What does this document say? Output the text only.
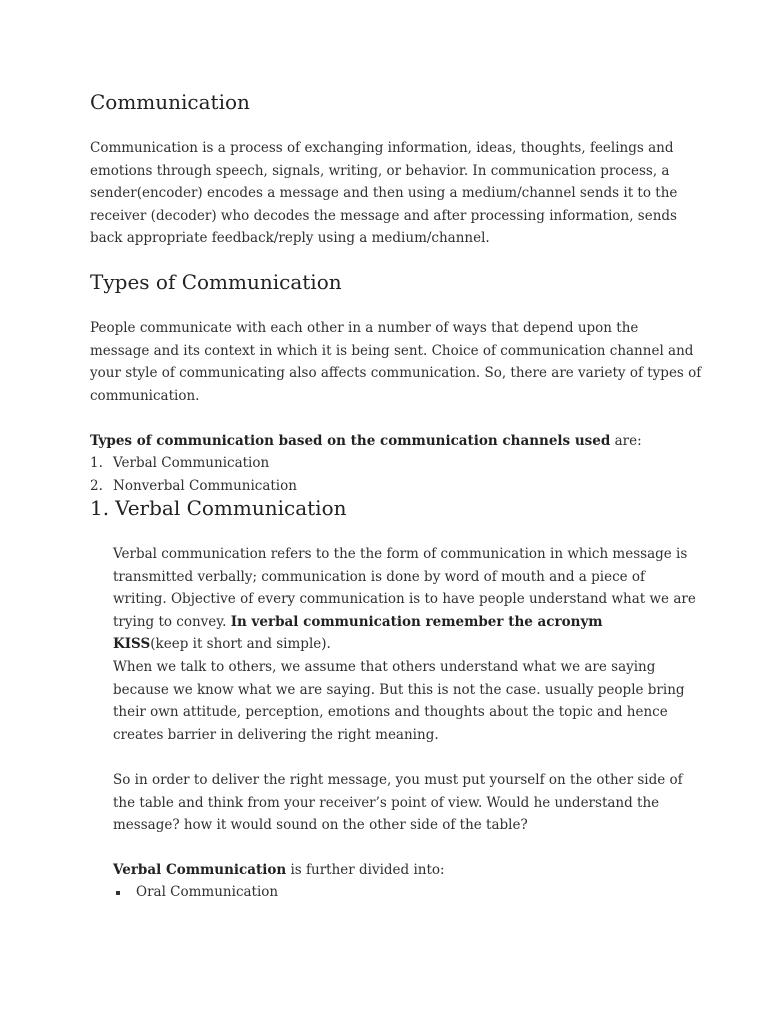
Communication

Communication is a process of exchanging information, ideas, thoughts, feelings and
emotions through speech, signals, writing, or behavior. In communication process, a
sender(encoder) encodes a message and then using a medium/channel sends it to the
receiver (decoder) who decodes the message and after processing information, sends
back appropriate feedback/reply using a medium/channel.

Types of Communication

People communicate with each other in a number of ways that depend upon the
message and its context in which it is being sent. Choice of communication channel and
your style of communicating also affects communication. So, there are variety of types of
communication.

Types of communication based on the communication channels used are:

1. Verbal Communication
2. Nonverbal Communication
1. Verbal Communication

Verbal communication refers to the the form of communication in which message is
transmitted verbally; communication is done by word of mouth and a piece of
writing. Objective of every communication is to have people understand what we are
trying to convey. In verbal communication remember the acronym
KISS(keep it short and simple).
When we talk to others, we assume that others understand what we are saying
because we know what we are saying. But this is not the case. usually people bring
their own attitude, perception, emotions and thoughts about the topic and hence
creates barrier in delivering the right meaning.

So in order to deliver the right message, you must put yourself on the other side of
the table and think from your receiver’s point of view. Would he understand the
message? how it would sound on the other side of the table?

Verbal Communication is further divided into:

Oral Communication
